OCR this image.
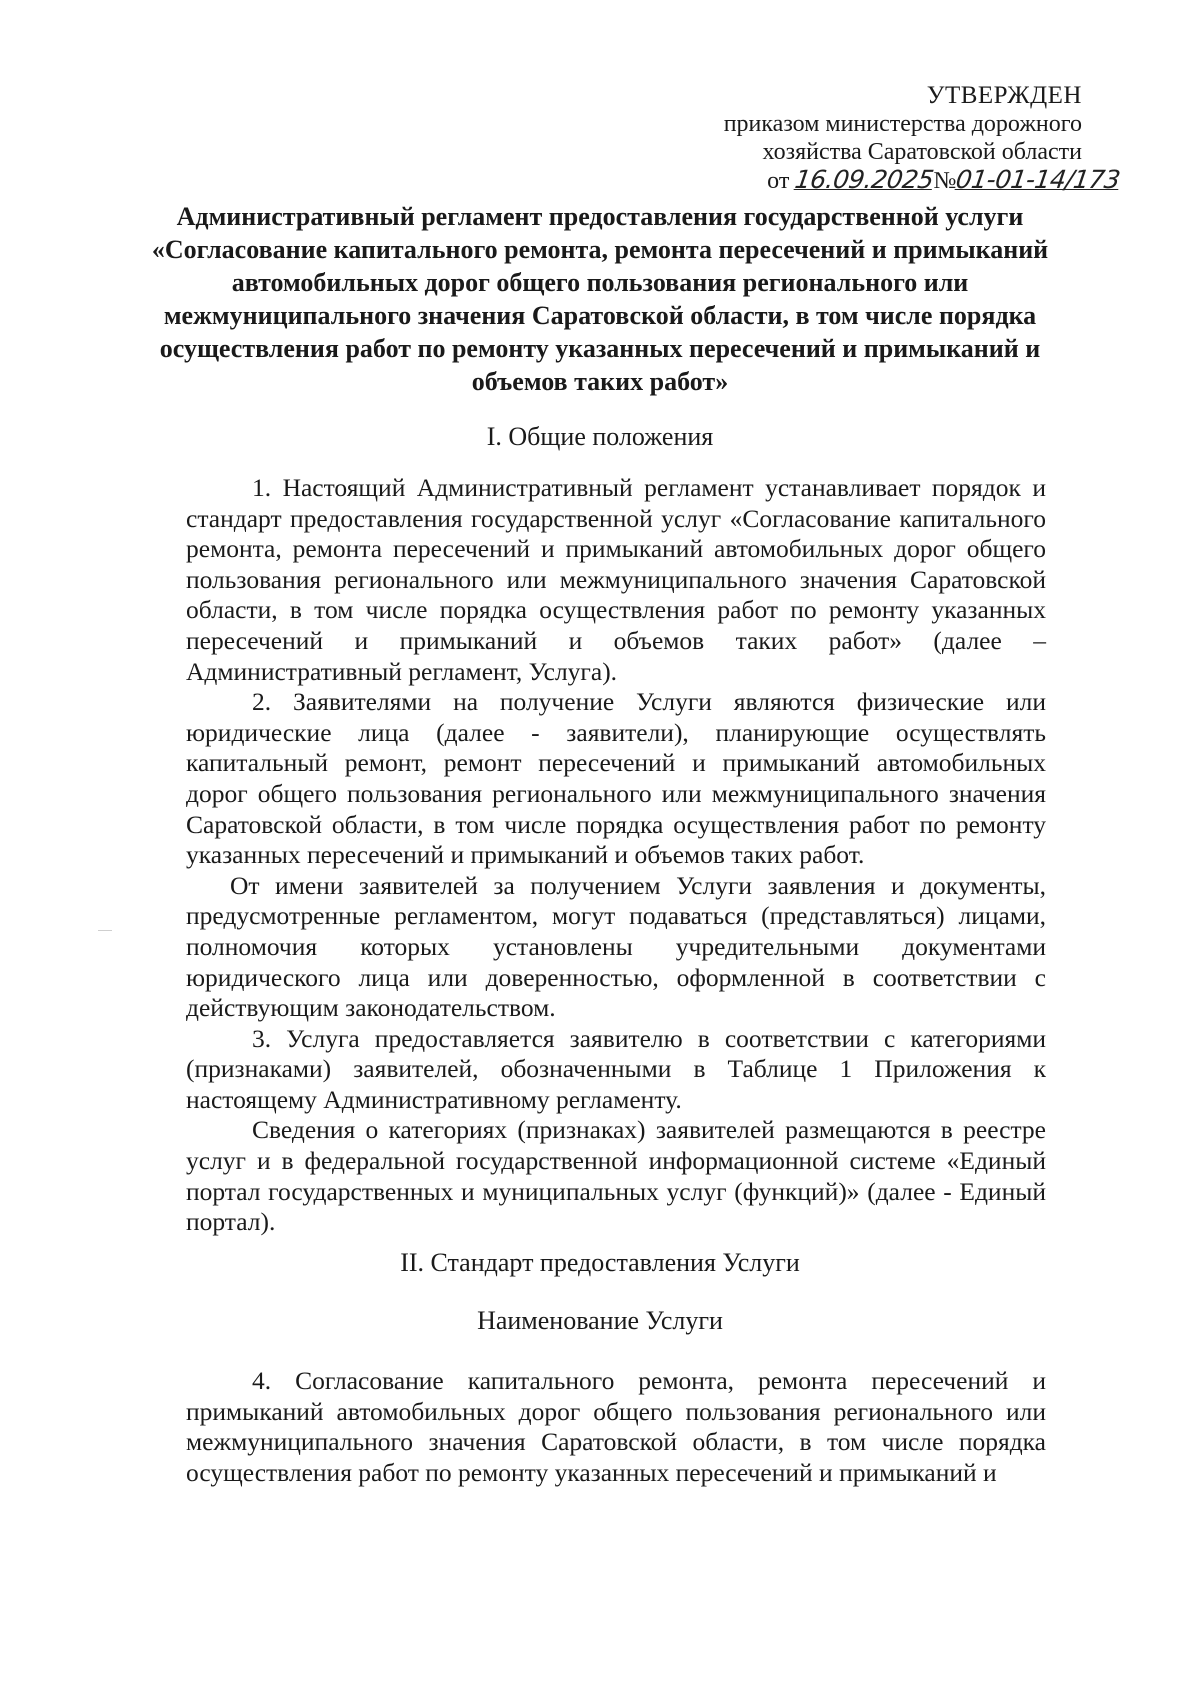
УТВЕРЖДЕН
приказом министерства дорожного
хозяйства Саратовской области
от 16.09.2025№01-01-14/173
Административный регламент предоставления государственной услуги
«Согласование капитального ремонта, ремонта пересечений и примыканий
автомобильных дорог общего пользования регионального или
межмуниципального значения Саратовской области, в том числе порядка
осуществления работ по ремонту указанных пересечений и примыканий и
объемов таких работ»
I. Общие положения

1. Настоящий Административный регламент устанавливает порядок и стандарт предоставления государственной услуг «Согласование капитального ремонта, ремонта пересечений и примыканий автомобильных дорог общего пользования регионального или межмуниципального значения Саратовской области, в том числе порядка осуществления работ по ремонту указанных пересечений и примыканий и объемов таких работ» (далее – Административный регламент, Услуга).

2. Заявителями на получение Услуги являются физические или юридические лица (далее - заявители), планирующие осуществлять капитальный ремонт, ремонт пересечений и примыканий автомобильных дорог общего пользования регионального или межмуниципального значения Саратовской области, в том числе порядка осуществления работ по ремонту указанных пересечений и примыканий и объемов таких работ.

От имени заявителей за получением Услуги заявления и документы, предусмотренные регламентом, могут подаваться (представляться) лицами, полномочия которых установлены учредительными документами юридического лица или доверенностью, оформленной в соответствии с действующим законодательством.

3. Услуга предоставляется заявителю в соответствии с категориями (признаками) заявителей, обозначенными в Таблице 1 Приложения к настоящему Административному регламенту.

Сведения о категориях (признаках) заявителей размещаются в реестре услуг и в федеральной государственной информационной системе «Единый портал государственных и муниципальных услуг (функций)» (далее - Единый портал).

II. Стандарт предоставления Услуги
Наименование Услуги

4. Согласование капитального ремонта, ремонта пересечений и примыканий автомобильных дорог общего пользования регионального или межмуниципального значения Саратовской области, в том числе порядка осуществления работ по ремонту указанных пересечений и примыканий и
